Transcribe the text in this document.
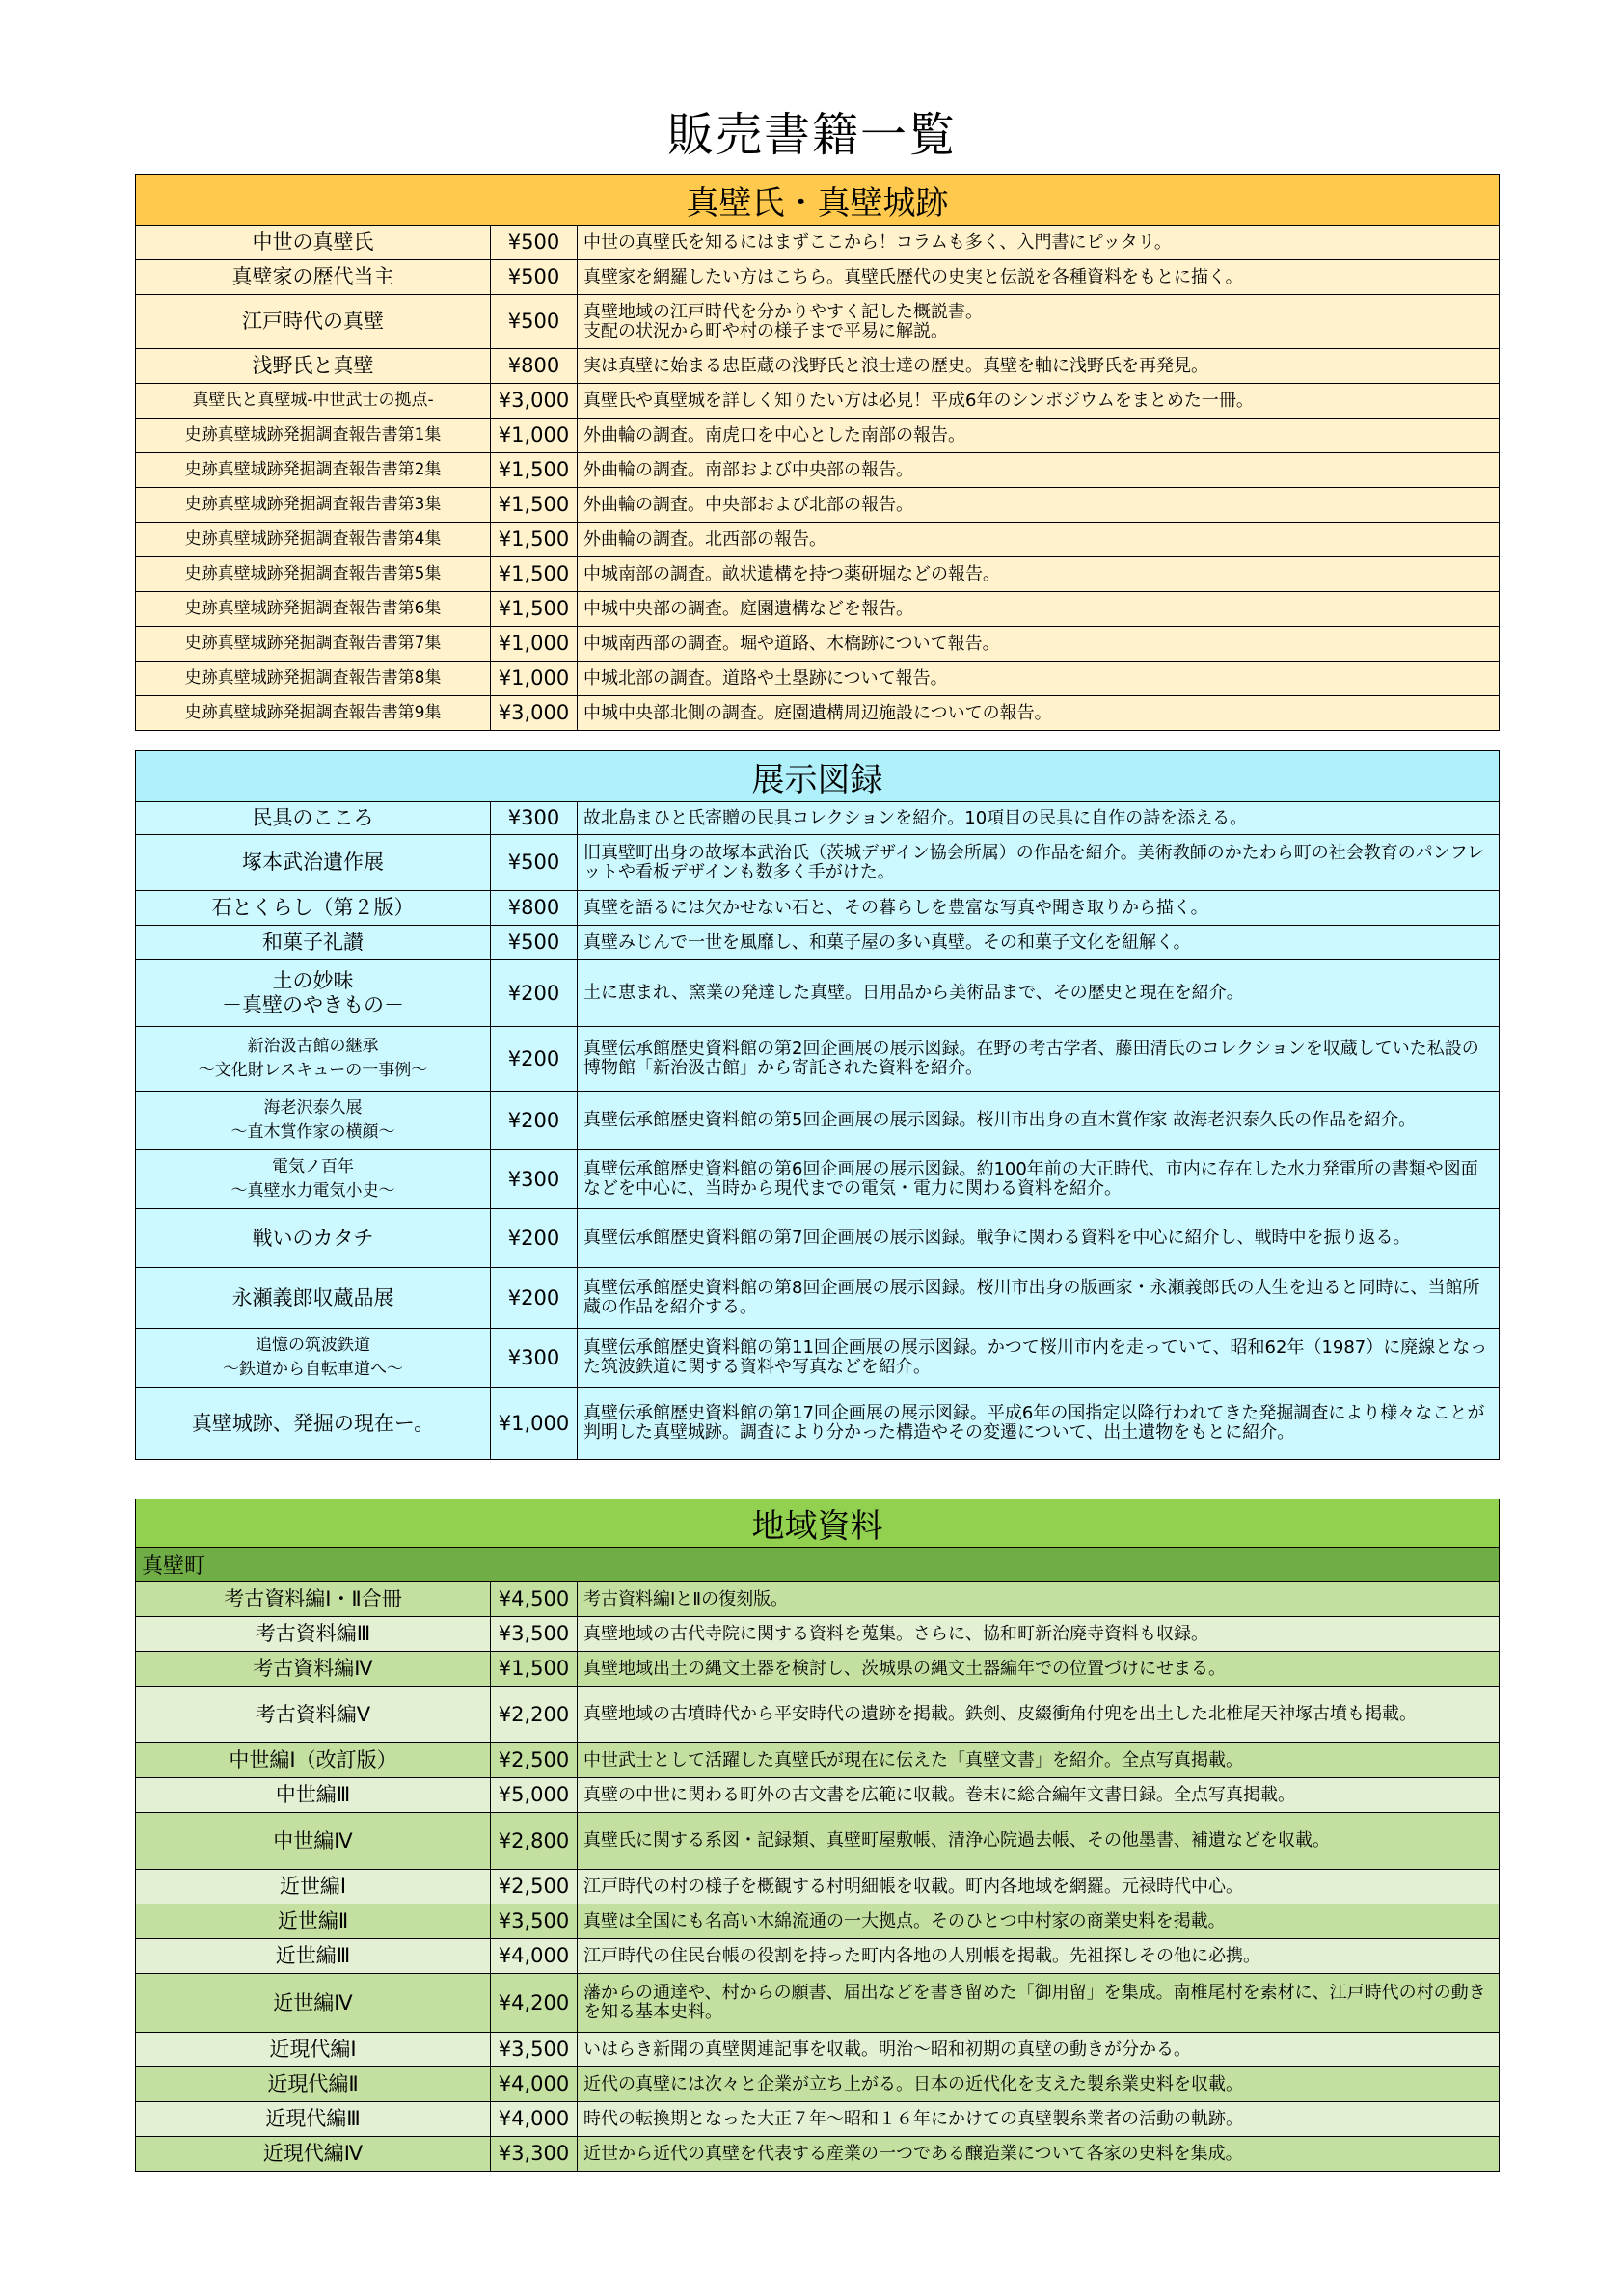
販売書籍一覧
真壁氏・真壁城跡		
中世の真壁氏	¥500	中世の真壁氏を知るにはまずここから！コラムも多く、入門書にピッタリ。
真壁家の歴代当主	¥500	真壁家を網羅したい方はこちら。真壁氏歴代の史実と伝説を各種資料をもとに描く。
江戸時代の真壁	¥500	真壁地域の江戸時代を分かりやすく記した概説書。
支配の状況から町や村の様子まで平易に解説。
浅野氏と真壁	¥800	実は真壁に始まる忠臣蔵の浅野氏と浪士達の歴史。真壁を軸に浅野氏を再発見。
真壁氏と真壁城-中世武士の拠点-	¥3,000	真壁氏や真壁城を詳しく知りたい方は必見！平成6年のシンポジウムをまとめた一冊。
史跡真壁城跡発掘調査報告書第1集	¥1,000	外曲輪の調査。南虎口を中心とした南部の報告。
史跡真壁城跡発掘調査報告書第2集	¥1,500	外曲輪の調査。南部および中央部の報告。
史跡真壁城跡発掘調査報告書第3集	¥1,500	外曲輪の調査。中央部および北部の報告。
史跡真壁城跡発掘調査報告書第4集	¥1,500	外曲輪の調査。北西部の報告。
史跡真壁城跡発掘調査報告書第5集	¥1,500	中城南部の調査。畝状遺構を持つ薬研堀などの報告。
史跡真壁城跡発掘調査報告書第6集	¥1,500	中城中央部の調査。庭園遺構などを報告。
史跡真壁城跡発掘調査報告書第7集	¥1,000	中城南西部の調査。堀や道路、木橋跡について報告。
史跡真壁城跡発掘調査報告書第8集	¥1,000	中城北部の調査。道路や土塁跡について報告。
史跡真壁城跡発掘調査報告書第9集	¥3,000	中城中央部北側の調査。庭園遺構周辺施設についての報告。
展示図録		
民具のこころ	¥300	故北島まひと氏寄贈の民具コレクションを紹介。10項目の民具に自作の詩を添える。
塚本武治遺作展	¥500	旧真壁町出身の故塚本武治氏（茨城デザイン協会所属）の作品を紹介。美術教師のかたわら町の社会教育のパンフレットや看板デザインも数多く手がけた。
石とくらし（第２版）	¥800	真壁を語るには欠かせない石と、その暮らしを豊富な写真や聞き取りから描く。
和菓子礼讃	¥500	真壁みじんで一世を風靡し、和菓子屋の多い真壁。その和菓子文化を紐解く。
土の妙味
－真壁のやきもの－	¥200	土に恵まれ、窯業の発達した真壁。日用品から美術品まで、その歴史と現在を紹介。
新治汲古館の継承
～文化財レスキューの一事例～	¥200	真壁伝承館歴史資料館の第2回企画展の展示図録。在野の考古学者、藤田清氏のコレクションを収蔵していた私設の博物館「新治汲古館」から寄託された資料を紹介。
海老沢泰久展
～直木賞作家の横顔～	¥200	真壁伝承館歴史資料館の第5回企画展の展示図録。桜川市出身の直木賞作家 故海老沢泰久氏の作品を紹介。
電気ノ百年
～真壁水力電気小史～	¥300	真壁伝承館歴史資料館の第6回企画展の展示図録。約100年前の大正時代、市内に存在した水力発電所の書類や図面などを中心に、当時から現代までの電気・電力に関わる資料を紹介。
戦いのカタチ	¥200	真壁伝承館歴史資料館の第7回企画展の展示図録。戦争に関わる資料を中心に紹介し、戦時中を振り返る。
永瀬義郎収蔵品展	¥200	真壁伝承館歴史資料館の第8回企画展の展示図録。桜川市出身の版画家・永瀬義郎氏の人生を辿ると同時に、当館所蔵の作品を紹介する。
追憶の筑波鉄道
～鉄道から自転車道へ～	¥300	真壁伝承館歴史資料館の第11回企画展の展示図録。かつて桜川市内を走っていて、昭和62年（1987）に廃線となった筑波鉄道に関する資料や写真などを紹介。
真壁城跡、発掘の現在ー。	¥1,000	真壁伝承館歴史資料館の第17回企画展の展示図録。平成6年の国指定以降行われてきた発掘調査により様々なことが判明した真壁城跡。調査により分かった構造やその変遷について、出土遺物をもとに紹介。
地域資料		
真壁町		
考古資料編Ⅰ・Ⅱ合冊	¥4,500	考古資料編ⅠとⅡの復刻版。
考古資料編Ⅲ	¥3,500	真壁地域の古代寺院に関する資料を蒐集。さらに、協和町新治廃寺資料も収録。
考古資料編Ⅳ	¥1,500	真壁地域出土の縄文土器を検討し、茨城県の縄文土器編年での位置づけにせまる。
考古資料編Ⅴ	¥2,200	真壁地域の古墳時代から平安時代の遺跡を掲載。鉄剣、皮綴衝角付兜を出土した北椎尾天神塚古墳も掲載。
中世編Ⅰ（改訂版）	¥2,500	中世武士として活躍した真壁氏が現在に伝えた「真壁文書」を紹介。全点写真掲載。
中世編Ⅲ	¥5,000	真壁の中世に関わる町外の古文書を広範に収載。巻末に総合編年文書目録。全点写真掲載。
中世編Ⅳ	¥2,800	真壁氏に関する系図・記録類、真壁町屋敷帳、清浄心院過去帳、その他墨書、補遺などを収載。
近世編Ⅰ	¥2,500	江戸時代の村の様子を概観する村明細帳を収載。町内各地域を網羅。元禄時代中心。
近世編Ⅱ	¥3,500	真壁は全国にも名高い木綿流通の一大拠点。そのひとつ中村家の商業史料を掲載。
近世編Ⅲ	¥4,000	江戸時代の住民台帳の役割を持った町内各地の人別帳を掲載。先祖探しその他に必携。
近世編Ⅳ	¥4,200	藩からの通達や、村からの願書、届出などを書き留めた「御用留」を集成。南椎尾村を素材に、江戸時代の村の動きを知る基本史料。
近現代編Ⅰ	¥3,500	いはらき新聞の真壁関連記事を収載。明治～昭和初期の真壁の動きが分かる。
近現代編Ⅱ	¥4,000	近代の真壁には次々と企業が立ち上がる。日本の近代化を支えた製糸業史料を収載。
近現代編Ⅲ	¥4,000	時代の転換期となった大正７年～昭和１６年にかけての真壁製糸業者の活動の軌跡。
近現代編Ⅳ	¥3,300	近世から近代の真壁を代表する産業の一つである醸造業について各家の史料を集成。
